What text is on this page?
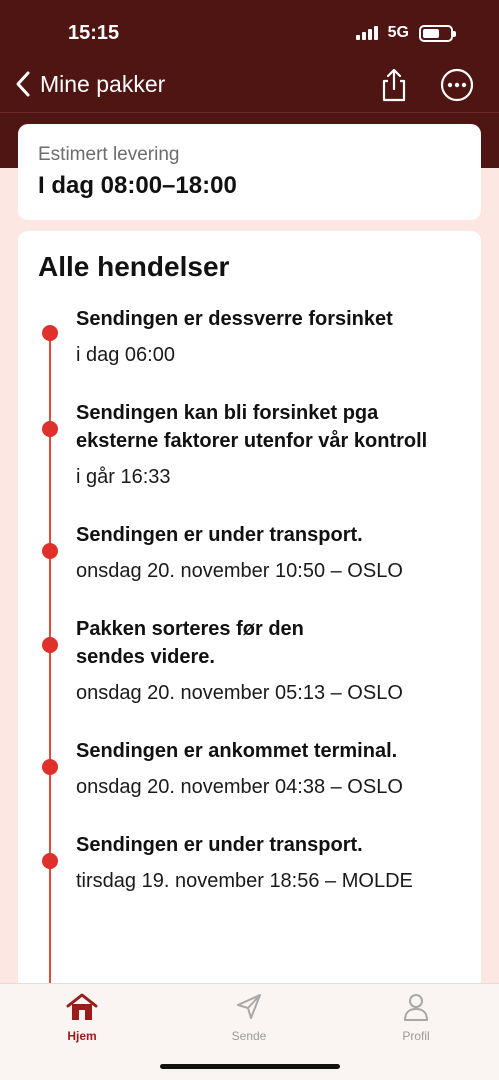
15:15	5G
Mine pakker
Estimert levering
I dag 08:00–18:00
Alle hendelser
Sendingen er dessverre forsinket
i dag 06:00
Sendingen kan bli forsinket pga eksterne faktorer utenfor vår kontroll
i går 16:33
Sendingen er under transport.
onsdag 20. november 10:50 – OSLO
Pakken sorteres før den sendes videre.
onsdag 20. november 05:13 – OSLO
Sendingen er ankommet terminal.
onsdag 20. november 04:38 – OSLO
Sendingen er under transport.
tirsdag 19. november 18:56 – MOLDE
Hjem	Sende	Profil
